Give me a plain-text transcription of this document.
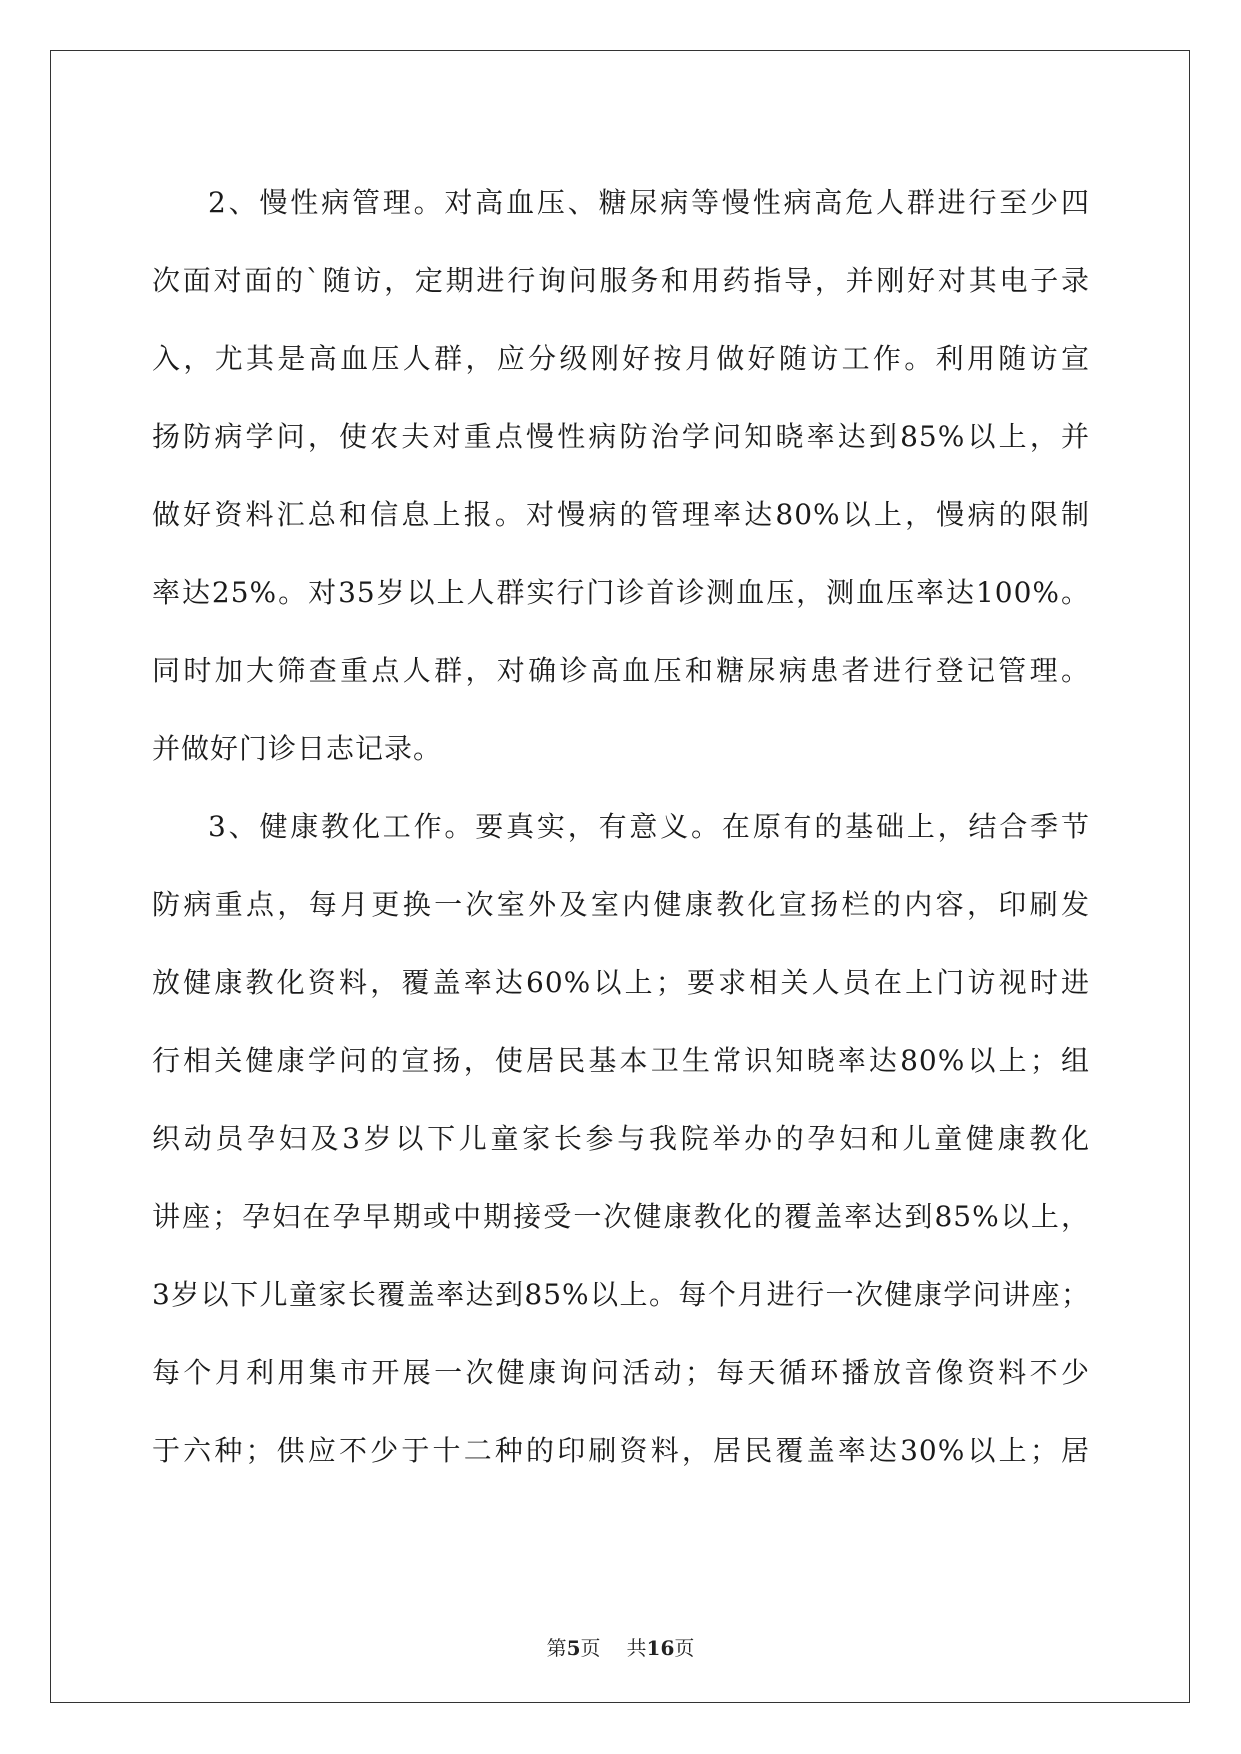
2、慢性病管理。对高血压、糖尿病等慢性病高危人群进行至少四
次面对面的`随访，定期进行询问服务和用药指导，并刚好对其电子录
入，尤其是高血压人群，应分级刚好按月做好随访工作。利用随访宣
扬防病学问，使农夫对重点慢性病防治学问知晓率达到85%以上，并
做好资料汇总和信息上报。对慢病的管理率达80%以上，慢病的限制
率达25%。对35岁以上人群实行门诊首诊测血压，测血压率达100%。
同时加大筛查重点人群，对确诊高血压和糖尿病患者进行登记管理。
并做好门诊日志记录。
3、健康教化工作。要真实，有意义。在原有的基础上，结合季节
防病重点，每月更换一次室外及室内健康教化宣扬栏的内容，印刷发
放健康教化资料，覆盖率达60%以上；要求相关人员在上门访视时进
行相关健康学问的宣扬，使居民基本卫生常识知晓率达80%以上；组
织动员孕妇及3岁以下儿童家长参与我院举办的孕妇和儿童健康教化
讲座；孕妇在孕早期或中期接受一次健康教化的覆盖率达到85%以上，
3岁以下儿童家长覆盖率达到85%以上。每个月进行一次健康学问讲座；
每个月利用集市开展一次健康询问活动；每天循环播放音像资料不少
于六种；供应不少于十二种的印刷资料，居民覆盖率达30%以上；居
第5页 共16页
